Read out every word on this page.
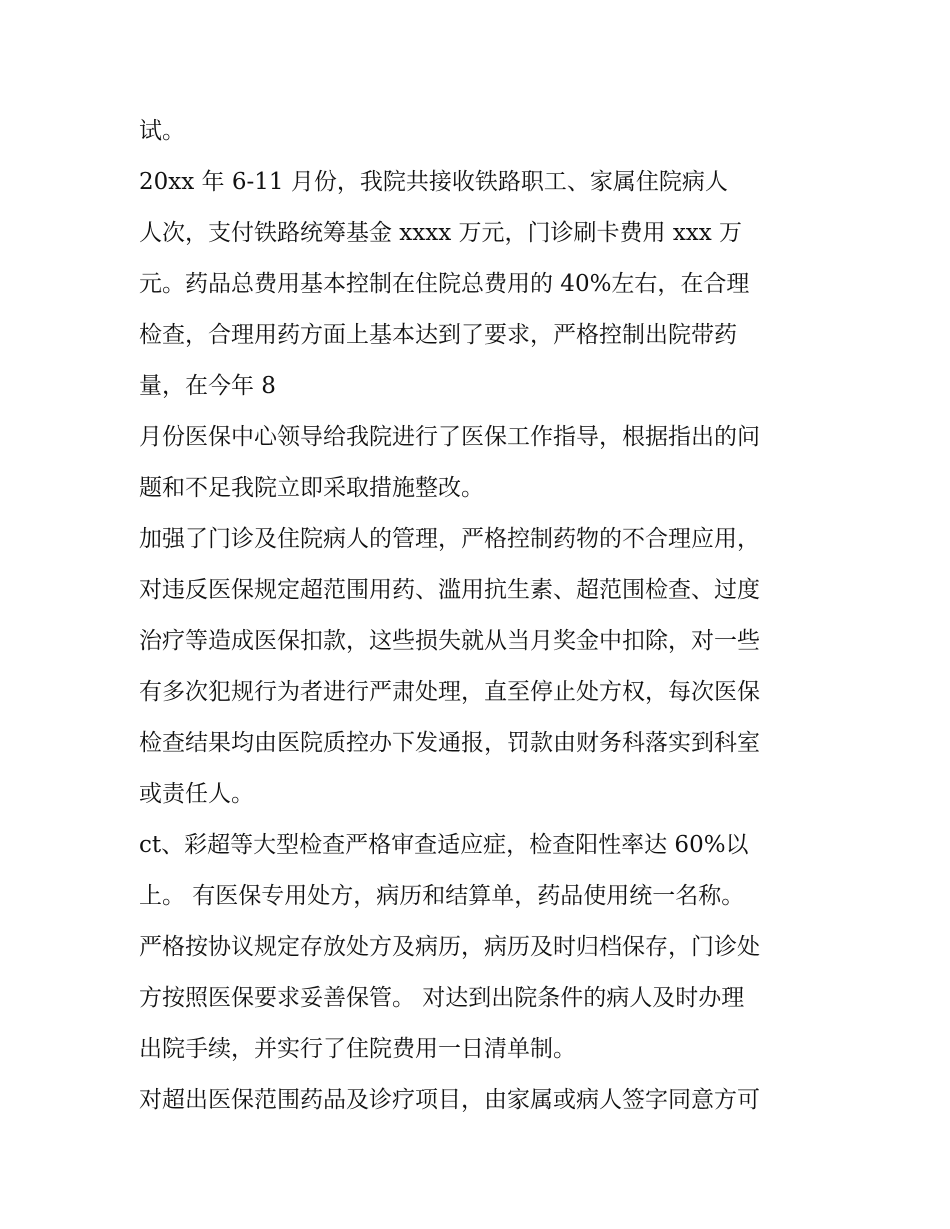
试。

20xx 年 6-11 月份，我院共接收铁路职工、家属住院病人

人次，支付铁路统筹基金 xxxx 万元，门诊刷卡费用 xxx 万

元。药品总费用基本控制在住院总费用的 40%左右，在合理

检查，合理用药方面上基本达到了要求，严格控制出院带药

量，在今年 8

月份医保中心领导给我院进行了医保工作指导，根据指出的问

题和不足我院立即采取措施整改。

加强了门诊及住院病人的管理，严格控制药物的不合理应用，

对违反医保规定超范围用药、滥用抗生素、超范围检查、过度

治疗等造成医保扣款，这些损失就从当月奖金中扣除，对一些

有多次犯规行为者进行严肃处理，直至停止处方权，每次医保

检查结果均由医院质控办下发通报，罚款由财务科落实到科室

或责任人。

ct、彩超等大型检查严格审查适应症，检查阳性率达 60%以

上。 有医保专用处方，病历和结算单，药品使用统一名称。

严格按协议规定存放处方及病历，病历及时归档保存，门诊处

方按照医保要求妥善保管。 对达到出院条件的病人及时办理

出院手续，并实行了住院费用一日清单制。

对超出医保范围药品及诊疗项目，由家属或病人签字同意方可
